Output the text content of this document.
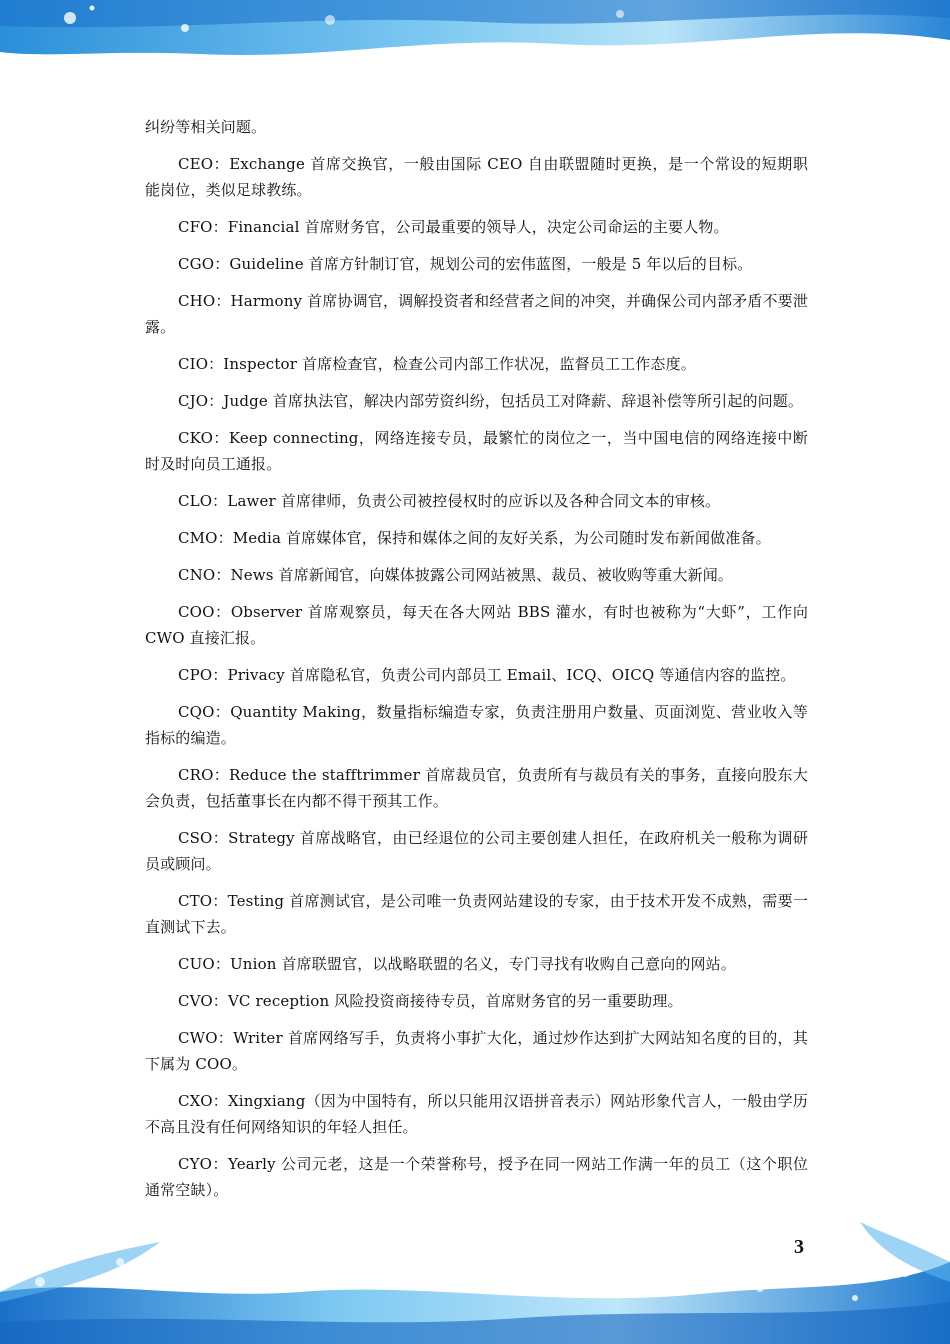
纠纷等相关问题。

CEO：Exchange 首席交换官，一般由国际 CEO 自由联盟随时更换，是一个常设的短期职能岗位，类似足球教练。

CFO：Financial 首席财务官，公司最重要的领导人，决定公司命运的主要人物。

CGO：Guideline 首席方针制订官，规划公司的宏伟蓝图，一般是 5 年以后的目标。

CHO：Harmony 首席协调官，调解投资者和经营者之间的冲突，并确保公司内部矛盾不要泄露。

CIO：Inspector 首席检查官，检查公司内部工作状况，监督员工工作态度。

CJO：Judge 首席执法官，解决内部劳资纠纷，包括员工对降薪、辞退补偿等所引起的问题。

CKO：Keep connecting，网络连接专员，最繁忙的岗位之一，当中国电信的网络连接中断时及时向员工通报。

CLO：Lawer 首席律师，负责公司被控侵权时的应诉以及各种合同文本的审核。

CMO：Media 首席媒体官，保持和媒体之间的友好关系，为公司随时发布新闻做准备。

CNO：News 首席新闻官，向媒体披露公司网站被黑、裁员、被收购等重大新闻。

COO：Observer 首席观察员，每天在各大网站 BBS 灌水，有时也被称为“大虾”，工作向 CWO 直接汇报。

CPO：Privacy 首席隐私官，负责公司内部员工 Email、ICQ、OICQ 等通信内容的监控。

CQO：Quantity Making，数量指标编造专家，负责注册用户数量、页面浏览、营业收入等指标的编造。

CRO：Reduce the stafftrimmer 首席裁员官，负责所有与裁员有关的事务，直接向股东大会负责，包括董事长在内都不得干预其工作。

CSO：Strategy 首席战略官，由已经退位的公司主要创建人担任，在政府机关一般称为调研员或顾问。

CTO：Testing 首席测试官，是公司唯一负责网站建设的专家，由于技术开发不成熟，需要一直测试下去。

CUO：Union 首席联盟官，以战略联盟的名义，专门寻找有收购自己意向的网站。

CVO：VC reception 风险投资商接待专员，首席财务官的另一重要助理。

CWO：Writer 首席网络写手，负责将小事扩大化，通过炒作达到扩大网站知名度的目的，其下属为 COO。

CXO：Xingxiang（因为中国特有，所以只能用汉语拼音表示）网站形象代言人，一般由学历不高且没有任何网络知识的年轻人担任。

CYO：Yearly 公司元老，这是一个荣誉称号，授予在同一网站工作满一年的员工（这个职位通常空缺）。

3
